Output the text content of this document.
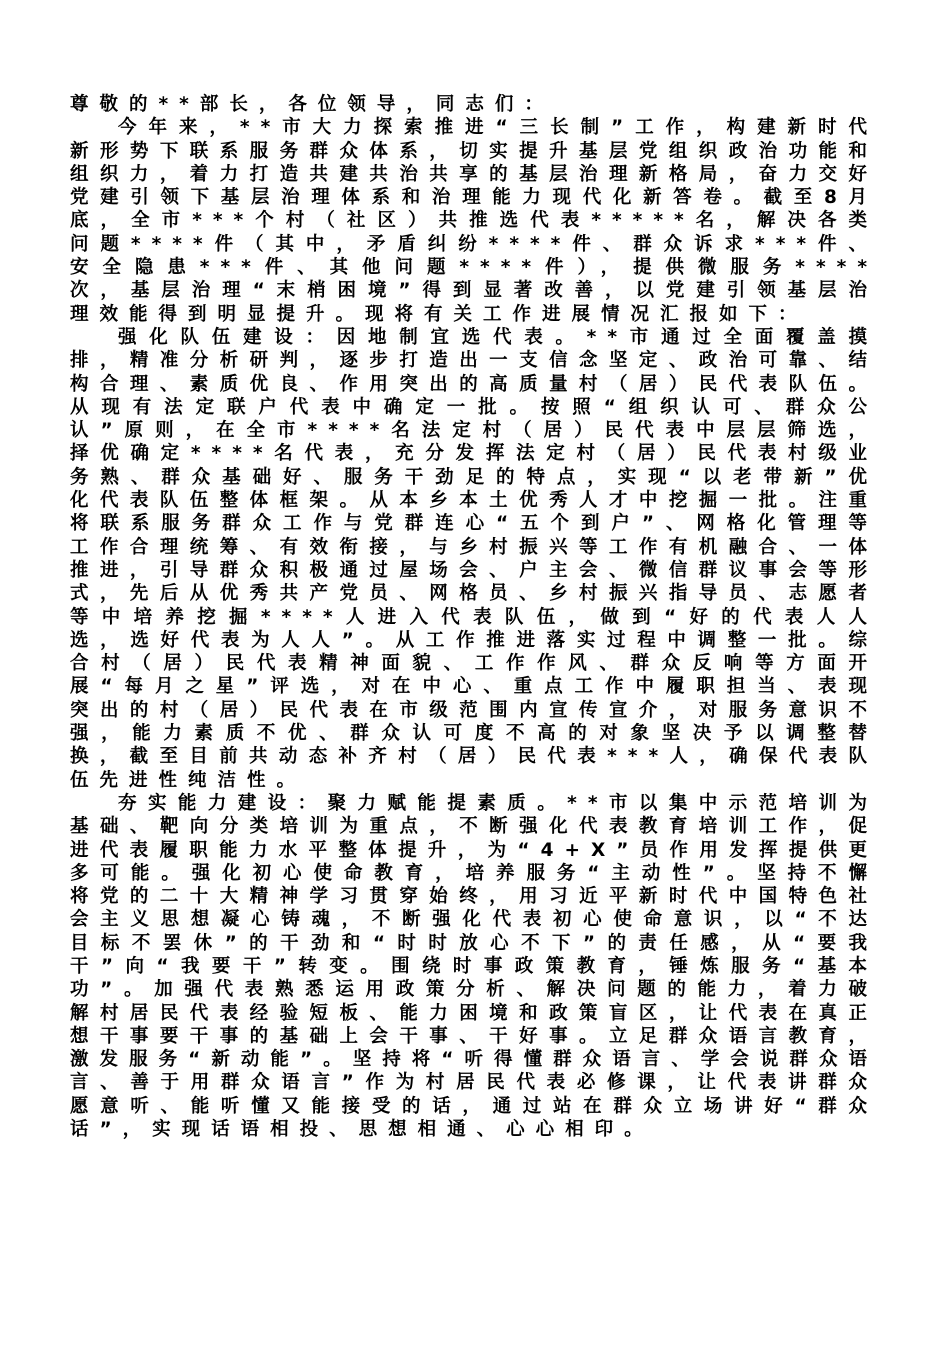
尊敬的**部长，各位领导，同志们：

今年来，**市大力探索推进“三长制”工作，构建新时代新形势下联系服务群众体系，切实提升基层党组织政治功能和组织力，着力打造共建共治共享的基层治理新格局，奋力交好党建引领下基层治理体系和治理能力现代化新答卷。截至8月底，全市***个村（社区）共推选代表*****名，解决各类问题****件（其中，矛盾纠纷****件、群众诉求***件、安全隐患***件、其他问题****件），提供微服务****次，基层治理“末梢困境”得到显著改善，以党建引领基层治理效能得到明显提升。现将有关工作进展情况汇报如下：

强化队伍建设：因地制宜选代表。**市通过全面覆盖摸排，精准分析研判，逐步打造出一支信念坚定、政治可靠、结构合理、素质优良、作用突出的高质量村（居）民代表队伍。从现有法定联户代表中确定一批。按照“组织认可、群众公认”原则，在全市****名法定村（居）民代表中层层筛选，择优确定****名代表，充分发挥法定村（居）民代表村级业务熟、群众基础好、服务干劲足的特点，实现“以老带新”优化代表队伍整体框架。从本乡本土优秀人才中挖掘一批。注重将联系服务群众工作与党群连心“五个到户”、网格化管理等工作合理统筹、有效衔接，与乡村振兴等工作有机融合、一体推进，引导群众积极通过屋场会、户主会、微信群议事会等形式，先后从优秀共产党员、网格员、乡村振兴指导员、志愿者等中培养挖掘****人进入代表队伍，做到“好的代表人人选，选好代表为人人”。从工作推进落实过程中调整一批。综合村（居）民代表精神面貌、工作作风、群众反响等方面开展“每月之星”评选，对在中心、重点工作中履职担当、表现突出的村（居）民代表在市级范围内宣传宣介，对服务意识不强，能力素质不优、群众认可度不高的对象坚决予以调整替换，截至目前共动态补齐村（居）民代表***人，确保代表队伍先进性纯洁性。

夯实能力建设：聚力赋能提素质。**市以集中示范培训为基础、靶向分类培训为重点，不断强化代表教育培训工作，促进代表履职能力水平整体提升，为“4+X”员作用发挥提供更多可能。强化初心使命教育，培养服务“主动性”。坚持不懈将党的二十大精神学习贯穿始终，用习近平新时代中国特色社会主义思想凝心铸魂，不断强化代表初心使命意识，以“不达目标不罢休”的干劲和“时时放心不下”的责任感，从“要我干”向“我要干”转变。围绕时事政策教育，锤炼服务“基本功”。加强代表熟悉运用政策分析、解决问题的能力，着力破解村居民代表经验短板、能力困境和政策盲区，让代表在真正想干事要干事的基础上会干事、干好事。立足群众语言教育，激发服务“新动能”。坚持将“听得懂群众语言、学会说群众语言、善于用群众语言”作为村居民代表必修课，让代表讲群众愿意听、能听懂又能接受的话，通过站在群众立场讲好“群众话”，实现话语相投、思想相通、心心相印。
